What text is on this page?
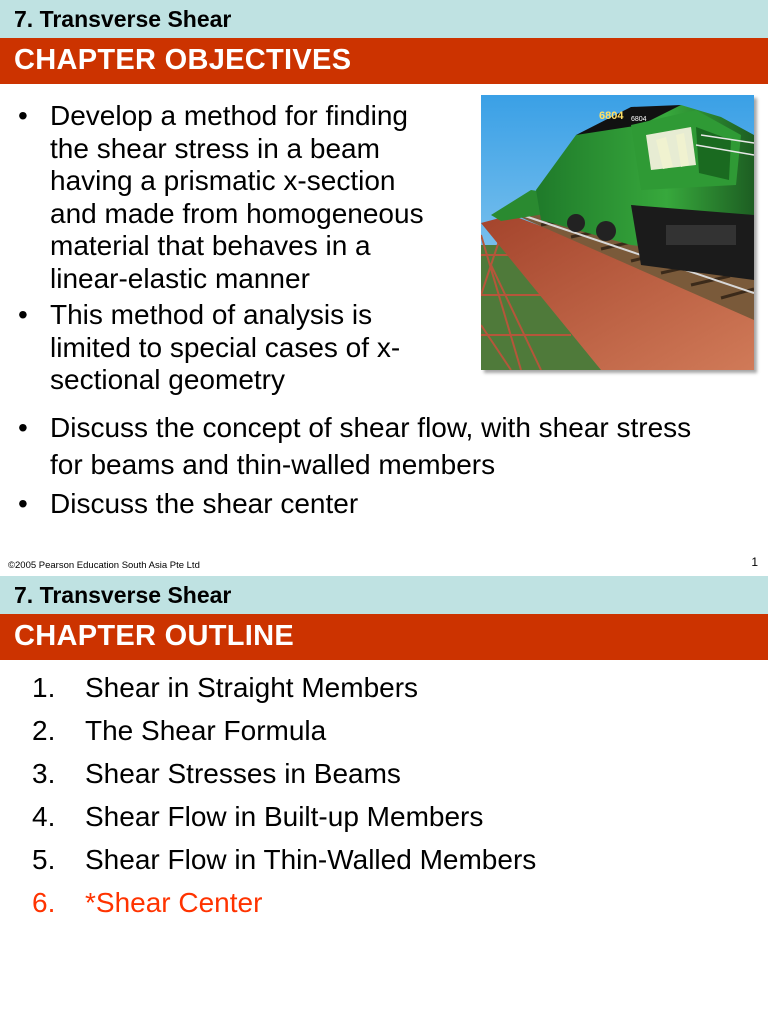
7. Transverse Shear
CHAPTER OBJECTIVES
• Develop a method for finding
the shear stress in a beam
having a prismatic x-section
and made from homogeneous
material that behaves in a
linear-elastic manner
• This method of analysis is
limited to special cases of x-
sectional geometry
• Discuss the concept of shear flow, with shear stress
for beams and thin-walled members
• Discuss the shear center
6804 6804
©2005 Pearson Education South Asia Pte Ltd	1
7. Transverse Shear
CHAPTER OUTLINE
1. Shear in Straight Members
2. The Shear Formula
3. Shear Stresses in Beams
4. Shear Flow in Built-up Members
5. Shear Flow in Thin-Walled Members
6. *Shear Center
